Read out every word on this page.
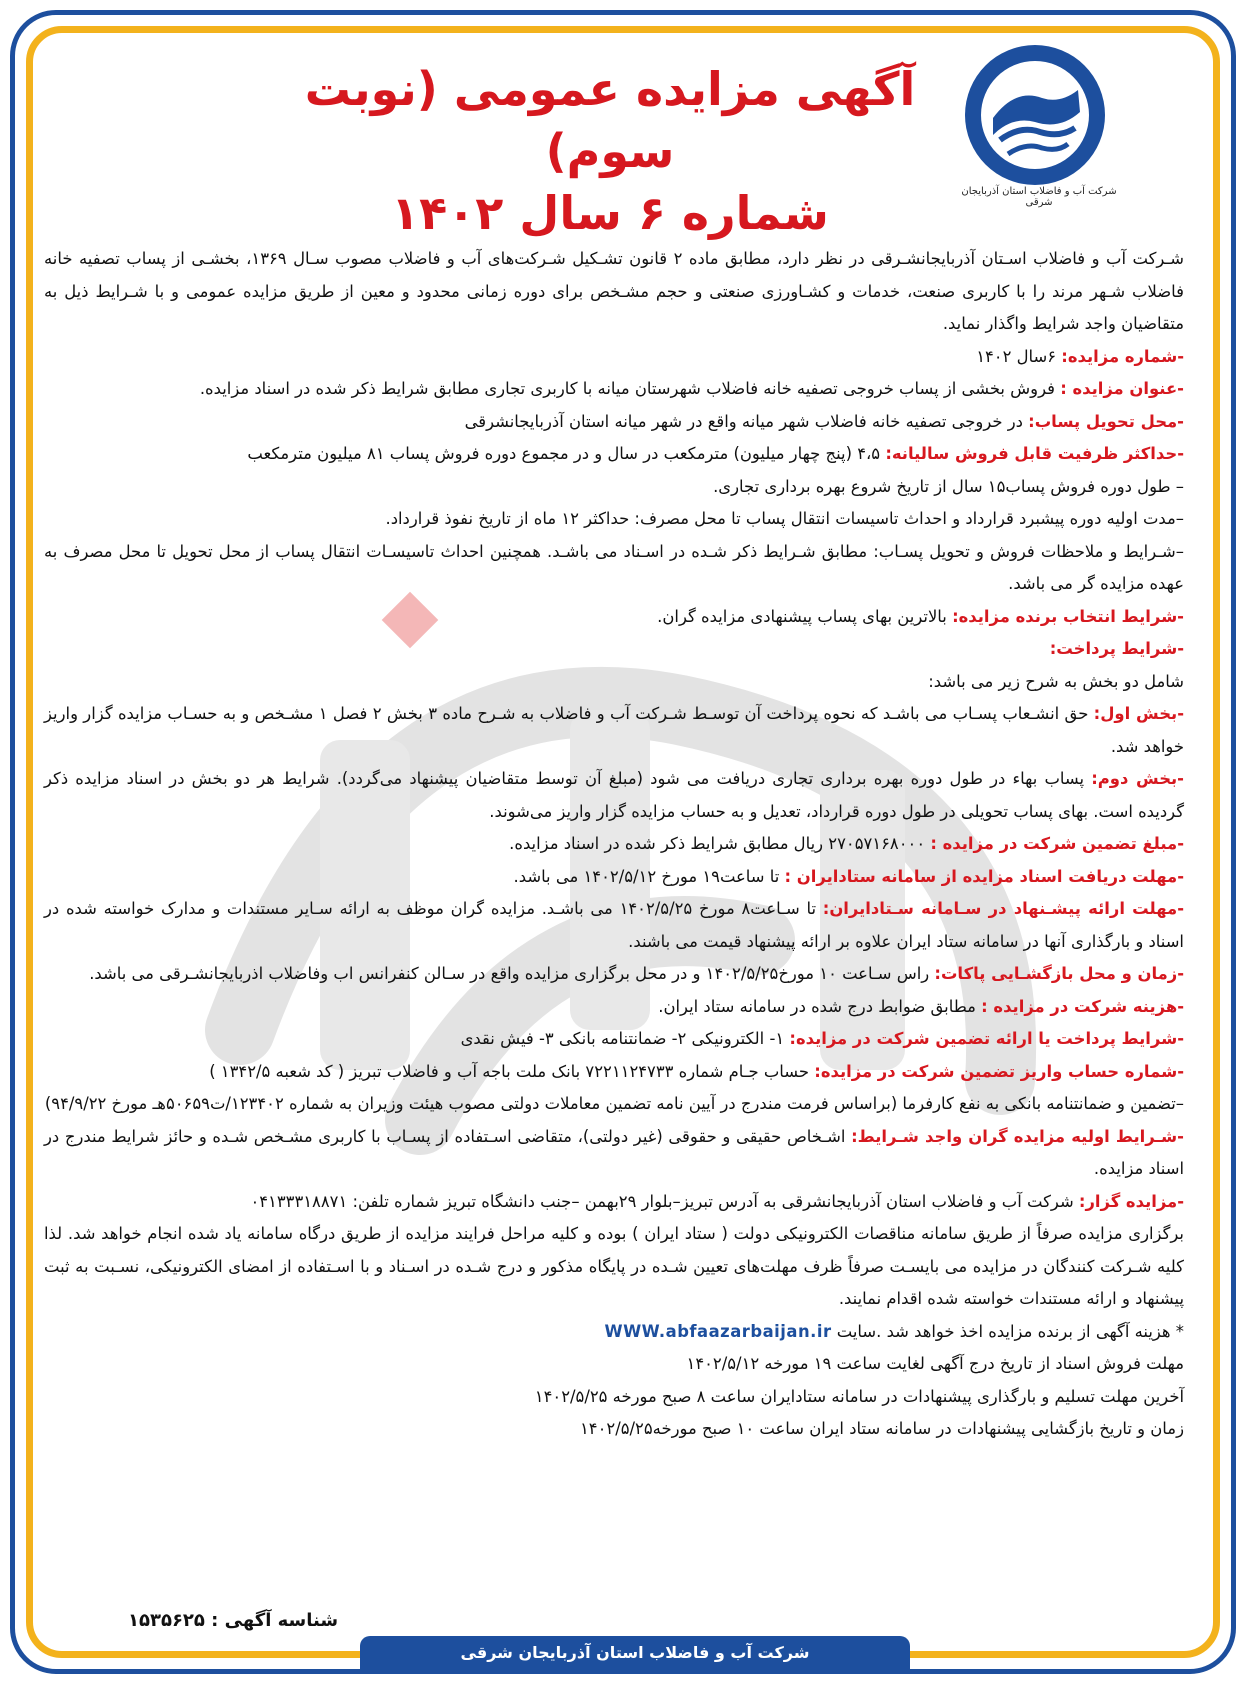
شرکت آب و فاضلاب استان آذربایجان شرقی
آگهی مزایده عمومی (نوبت سوم)
شماره ۶ سال ۱۴۰۲

شـرکت آب و فاضلاب اسـتان آذربایجانشـرقی در نظر دارد، مطابق ماده ۲ قانون تشـکیل شـرکت‌های آب و فاضلاب مصوب سـال ۱۳۶۹، بخشـی از پساب تصفیه خانه فاضلاب شـهر مرند را با کاربری صنعت، خدمات و کشـاورزی صنعتی و حجم مشـخص برای دوره زمانی محدود و معین از طریق مزایده عمومی و با شـرایط ذیل به متقاضیان واجد شرایط واگذار نماید.

-شماره مزایده: ۶سال ۱۴۰۲

-عنوان مزایده : فروش بخشی از پساب خروجی تصفیه خانه فاضلاب شهرستان میانه با کاربری تجاری مطابق شرایط ذکر شده در اسناد مزایده.

-محل تحویل پساب: در خروجی تصفیه خانه فاضلاب شهر میانه واقع در شهر میانه استان آذربایجانشرقی

-حداکثر ظرفیت قابل فروش سالیانه: ۴،۵ (پنج چهار میلیون) مترمکعب در سال و در مجموع دوره فروش پساب ۸۱ میلیون مترمکعب

– طول دوره فروش پساب۱۵ سال از تاریخ شروع بهره برداری تجاری.

–مدت اولیه دوره پیشبرد قرارداد و احداث تاسیسات انتقال پساب تا محل مصرف: حداکثر ۱۲ ماه از تاریخ نفوذ قرارداد.

–شـرایط و ملاحظات فروش و تحویل پسـاب: مطابق شـرایط ذکر شـده در اسـناد می باشـد. همچنین احداث تاسیسـات انتقال پساب از محل تحویل تا محل مصرف به عهده مزایده گر می باشد.

-شرایط انتخاب برنده مزایده: بالاترین بهای پساب پیشنهادی مزایده گران.

-شرایط پرداخت:

شامل دو بخش به شرح زیر می باشد:

-بخش اول: حق انشـعاب پسـاب می باشـد که نحوه پرداخت آن توسـط شـرکت آب و فاضلاب به شـرح ماده ۳ بخش ۲ فصل ۱ مشـخص و به حسـاب مزایده گزار واریز خواهد شد.

-بخش دوم: پساب بهاء در طول دوره بهره برداری تجاری دریافت می شود (مبلغ آن توسط متقاضیان پیشنهاد می‌گردد). شرایط هر دو بخش در اسناد مزایده ذکر گردیده است. بهای پساب تحویلی در طول دوره قرارداد، تعدیل و به حساب مزایده گزار واریز می‌شوند.

-مبلغ تضمین شرکت در مزایده : ۲۷۰۵۷۱۶۸۰۰۰ ریال مطابق شرایط ذکر شده در اسناد مزایده.

-مهلت دریافت اسناد مزایده از سامانه ستادایران : تا ساعت۱۹ مورخ ۱۴۰۲/۵/۱۲ می باشد.

-مهلت ارائه پیشـنهاد در سـامانه سـتادایران: تا سـاعت۸ مورخ ۱۴۰۲/۵/۲۵ می باشـد. مزایده گران موظف به ارائه سـایر مستندات و مدارک خواسته شده در اسناد و بارگذاری آنها در سامانه ستاد ایران علاوه بر ارائه پیشنهاد قیمت می باشند.

-زمان و محل بازگشـایی پاکات: راس سـاعت ۱۰ مورخ۱۴۰۲/۵/۲۵ و در محل برگزاری مزایده واقع در سـالن کنفرانس اب وفاضلاب اذربایجانشـرقی می باشد.

-هزینه شرکت در مزایده : مطابق ضوابط درج شده در سامانه ستاد ایران.

-شرایط پرداخت یا ارائه تضمین شرکت در مزایده: ۱- الکترونیکی ۲- ضمانتنامه بانکی ۳- فیش نقدی

-شماره حساب واریز تضمین شرکت در مزایده: حساب جـام شماره ۷۲۲۱۱۲۴۷۳۳ بانک ملت باجه آب و فاضلاب تبریز ( کد شعبه ۱۳۴۲/۵ )

–تضمین و ضمانتنامه بانکی به نفع کارفرما (براساس فرمت مندرج در آیین نامه تضمین معاملات دولتی مصوب هیئت وزیران به شماره ۱۲۳۴۰۲/ت۵۰۶۵۹هـ مورخ ۹۴/۹/۲۲)

-شـرایط اولیه مزایده گران واجد شـرایط: اشـخاص حقیقی و حقوقی (غیر دولتی)، متقاضی اسـتفاده از پسـاب با کاربری مشـخص شـده و حائز شرایط مندرج در اسناد مزایده.

-مزایده گزار: شرکت آب و فاضلاب استان آذربایجانشرقی به آدرس تبریز–بلوار ۲۹بهمن –جنب دانشگاه تبریز شماره تلفن: ۰۴۱۳۳۳۱۸۸۷۱

برگزاری مزایده صرفاً از طریق سامانه مناقصات الکترونیکی دولت ( ستاد ایران ) بوده و کلیه مراحل فرایند مزایده از طریق درگاه سامانه یاد شده انجام خواهد شد. لذا کلیه شـرکت کنندگان در مزایده می بایسـت صرفاً ظرف مهلت‌های تعیین شـده در پایگاه مذکور و درج شـده در اسـناد و با اسـتفاده از امضای الکترونیکی، نسـبت به ثبت پیشنهاد و ارائه مستندات خواسته شده اقدام نمایند.

* هزینه آگهی از برنده مزایده اخذ خواهد شد .سایت WWW.abfaazarbaijan.ir

مهلت فروش اسناد از تاریخ درج آگهی لغایت ساعت ۱۹ مورخه ۱۴۰۲/۵/۱۲

آخرین مهلت تسلیم و بارگذاری پیشنهادات در سامانه ستادایران ساعت ۸ صبح مورخه ۱۴۰۲/۵/۲۵

زمان و تاریخ بازگشایی پیشنهادات در سامانه ستاد ایران ساعت ۱۰ صبح مورخه۱۴۰۲/۵/۲۵

شناسه آگهی : ۱۵۳۵۶۲۵
شرکت آب و فاضلاب استان آذربایجان شرقی
